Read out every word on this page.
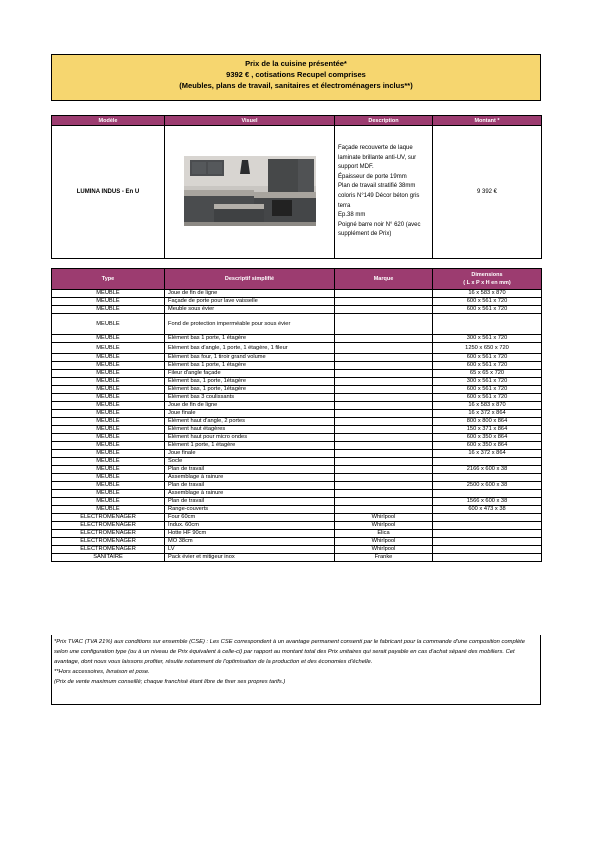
Prix de la cuisine présentée*
9392 € , cotisations Recupel comprises
(Meubles, plans de travail, sanitaires et électroménagers inclus**)
Modèle	Visuel	Description	Montant *
LUMINA INDUS - En U		Façade recouverte de laque laminate brillante anti-UV, sur support MDF.
Épaisseur de porte 19mm
Plan de travail stratifié 38mm coloris N°149 Décor béton gris terra
Ep.38 mm
Poigné barre noir N° 620 (avec supplément de Prix)	9 392 €
Type	Descriptif simplifié	Marque	Dimensions
( L x P x H en mm)

MEUBLE	Joue de fin de ligne		16 x 583 x 870
MEUBLE	Façade de porte pour lave vaisselle		600 x 561 x 720
MEUBLE	Meuble sous évier		600 x 561 x 720
MEUBLE	Fond de protection imperméable pour sous évier		
MEUBLE	Elément bas 1 porte, 1 étagère		300 x 561 x 720
MEUBLE	Elément bas d'angle, 1 porte, 1 étagère, 1 fileur		1250 x 650 x 720
MEUBLE	Elément bas four, 1 tiroir grand volume		600 x 561 x 720
MEUBLE	Elément bas 1 porte, 1 étagère		600 x 561 x 720
MEUBLE	Fileur d'angle façade		65 x 65 x 720
MEUBLE	Elément bas, 1 porte, 1étagère		300 x 561 x 720
MEUBLE	Elément bas, 1 porte, 1étagère		600 x 561 x 720
MEUBLE	Elément bas 3 coulissants		600 x 561 x 720
MEUBLE	Joue de fin de ligne		16 x 583 x 870
MEUBLE	Joue finale		16 x 372 x 864
MEUBLE	Elément haut d'angle, 2 portes		800 x 800 x 864
MEUBLE	Elément haut étagères		150 x 371 x 864
MEUBLE	Elément haut pour micro ondes		600 x 350 x 864
MEUBLE	Elément 1 porte, 1 étagère		600 x 350 x 864
MEUBLE	Joue finale		16 x 372 x 864
MEUBLE	Socle		
MEUBLE	Plan de travail		2166 x 600 x 38
MEUBLE	Assemblage à rainure		
MEUBLE	Plan de travail		2500 x 600 x 38
MEUBLE	Assemblage à rainure		
MEUBLE	Plan de travail		1566 x 600 x 38
MEUBLE	Range-couverts		600 x 473 x 38
ELECTROMENAGER	Four 60cm	Whirlpool	
ELECTROMENAGER	Indux. 60cm	Whirlpool	
ELECTROMENAGER	Hotte HF 90cm	Elica	
ELECTROMENAGER	MO 38cm	Whirlpool	
ELECTROMENAGER	LV	Whirlpool	
SANITAIRE	Pack évier et mitigeur inox	Franke	
*Prix TVAC (TVA 21%) aux conditions sur ensemble (CSE) : Les CSE correspondent à un avantage permanent consenti par le fabricant pour la commande d'une composition complète selon une configuration type (ou à un niveau de Prix équivalent à celle-ci) par rapport au montant total des Prix unitaires qui serait payable en cas d'achat séparé des mobiliers. Cet avantage, dont nous vous laissons profiter, résulte notamment de l'optimisation de la production et des économies d'échelle.
**Hors accessoires, livraison et pose.
(Prix de vente maximum conseillé; chaque franchisé étant libre de fixer ses propres tarifs.)
